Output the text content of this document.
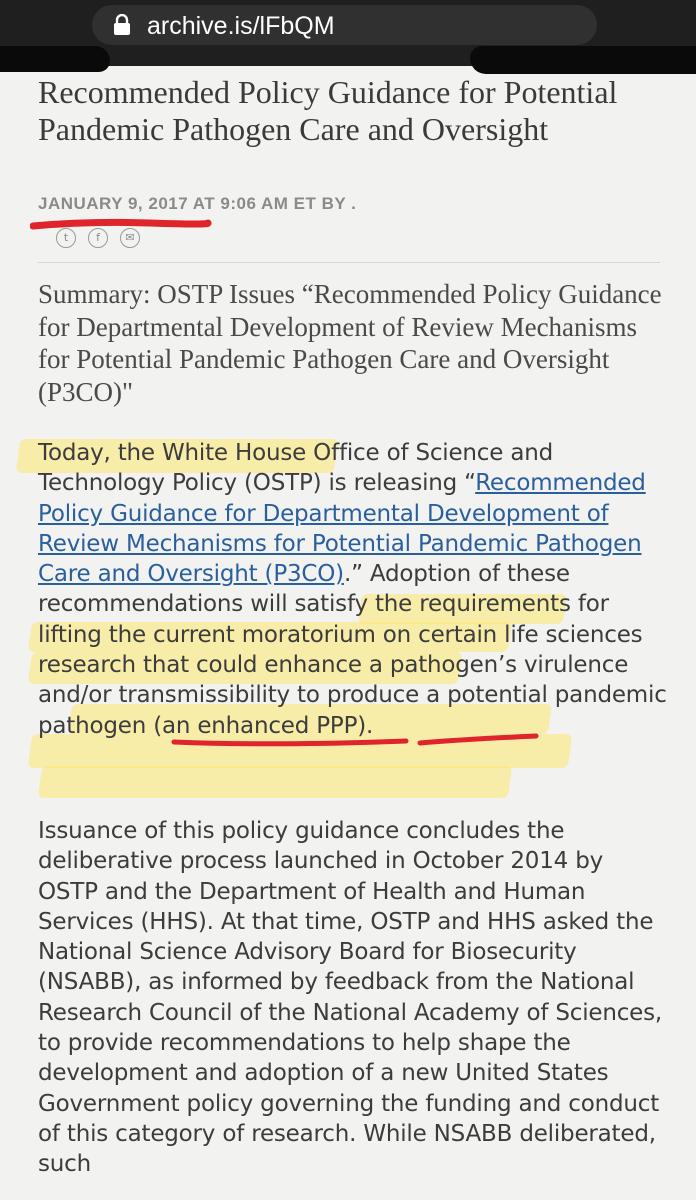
archive.is/lFbQM
Recommended Policy Guidance for Potential Pandemic Pathogen Care and Oversight
JANUARY 9, 2017 AT 9:06 AM ET BY .
t	f	✉
Summary: OSTP Issues “Recommended Policy Guidance for Departmental Development of Review Mechanisms for Potential Pandemic Pathogen Care and Oversight (P3CO)"

Today, the White House Office of Science and Technology Policy (OSTP) is releasing “Recommended Policy Guidance for Departmental Development of Review Mechanisms for Potential Pandemic Pathogen Care and Oversight (P3CO).” Adoption of these recommendations will satisfy the requirements for lifting the current moratorium on certain life sciences research that could enhance a pathogen’s virulence and/or transmissibility to produce a potential pandemic pathogen (an enhanced PPP).

Issuance of this policy guidance concludes the deliberative process launched in October 2014 by OSTP and the Department of Health and Human Services (HHS). At that time, OSTP and HHS asked the National Science Advisory Board for Biosecurity (NSABB), as informed by feedback from the National Research Council of the National Academy of Sciences, to provide recommendations to help shape the development and adoption of a new United States Government policy governing the funding and conduct of this category of research. While NSABB deliberated, such
